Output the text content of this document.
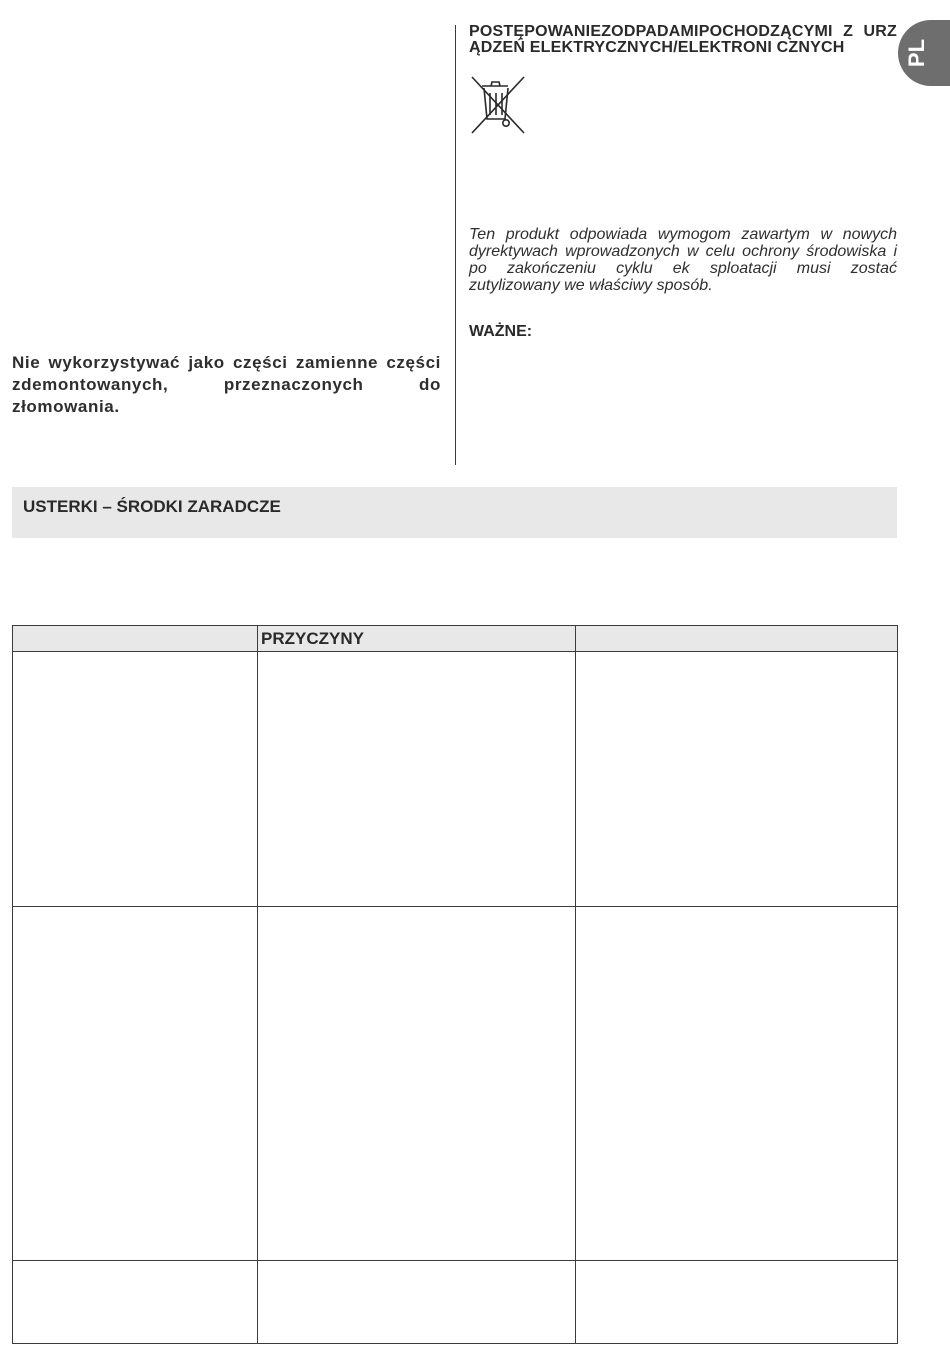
PL
Nie wykorzystywać jako części zamienne części zdemontowanych, przeznaczonych do złomowania.
POSTĘPOWANIEZODPADAMIPOCHODZĄCYMI Z URZĄDZEŃ ELEKTRYCZNYCH/ELEKTRONI CZNYCH
Ten produkt odpowiada wymogom zawartym w nowych dyrektywach wprowadzonych w celu ochrony środowiska i po zakończeniu cyklu ek sploatacji musi zostać zutylizowany we właściwy sposób.
WAŻNE:
USTERKI – ŚRODKI ZARADCZE
	PRZYCZYNY	
